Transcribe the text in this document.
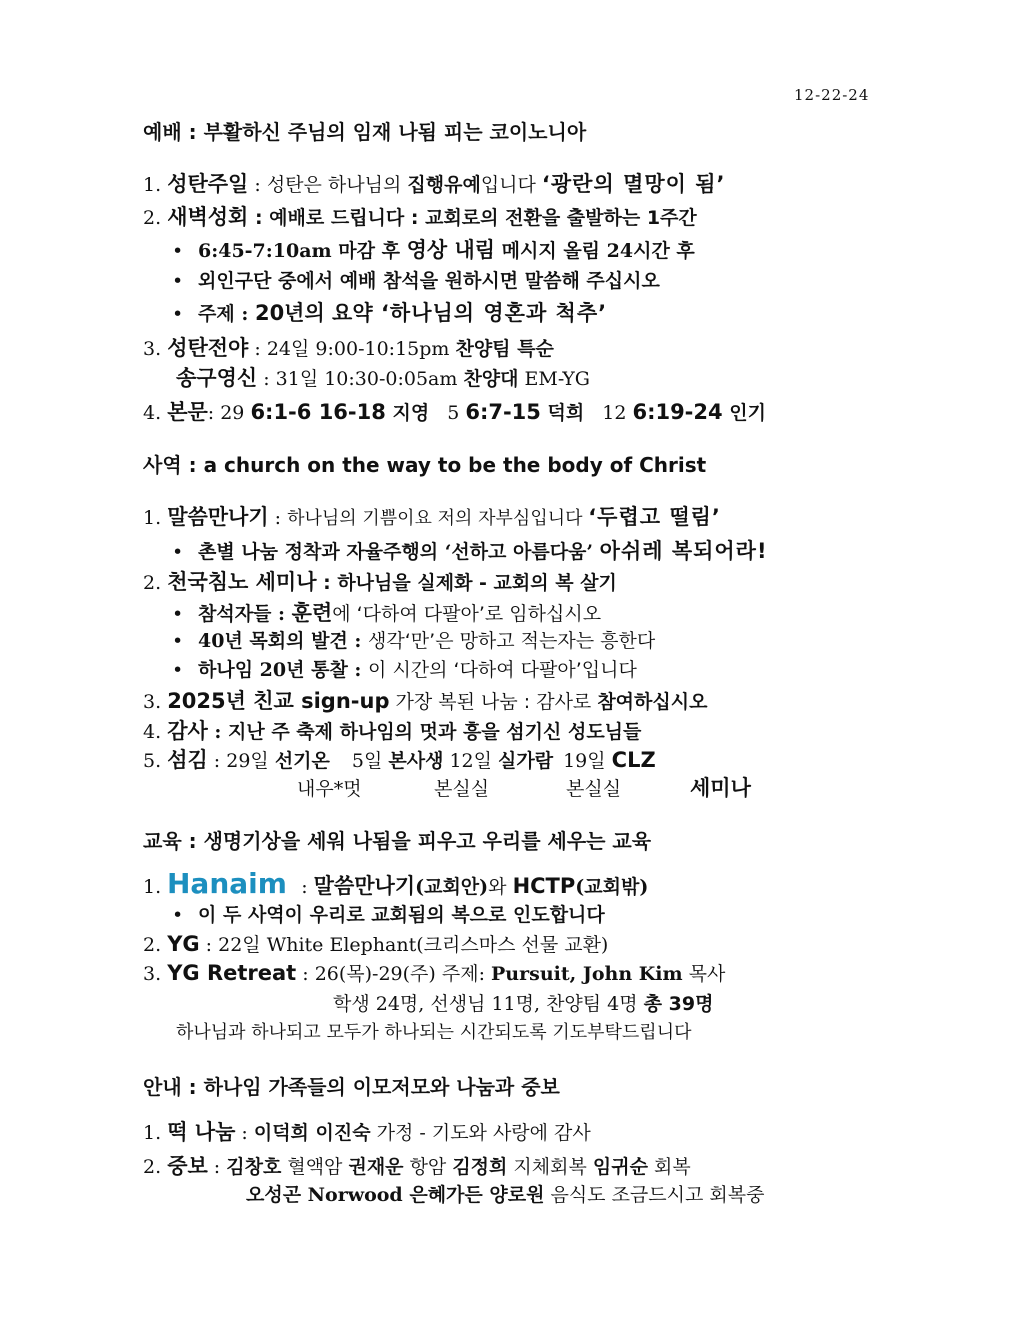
12-22-24
예배 : 부활하신 주님의 임재 나됨 피는 코이노니아
1. 성탄주일 : 성탄은 하나님의 집행유예입니다 ‘광란의 멸망이 됨’
2. 새벽성회 : 예배로 드립니다 : 교회로의 전환을 출발하는 1주간
• 6:45-7:10am 마감 후 영상 내림 메시지 올림 24시간 후
• 외인구단 중에서 예배 참석을 원하시면 말씀해 주십시오
• 주제 : 20년의 요약 ‘하나님의 영혼과 척추’
3. 성탄전야 : 24일 9:00-10:15pm 찬양팀 특순
송구영신 : 31일 10:30-0:05am 찬양대 EM-YG
4. 본문: 29 6:1-6 16-18 지영 5 6:7-15 덕희 12 6:19-24 인기
사역 : a church on the way to be the body of Christ
1. 말씀만나기 : 하나님의 기쁨이요 저의 자부심입니다 ‘두렵고 떨림’
• 촌별 나눔 정착과 자율주행의 ‘선하고 아름다움’ 아쉬레 복되어라!
2. 천국침노 세미나 : 하나님을 실제화 - 교회의 복 살기
• 참석자들 : 훈련에 ‘다하여 다팔아’로 임하십시오
• 40년 목회의 발견 : 생각‘만’은 망하고 적는자는 흥한다
• 하나임 20년 통찰 : 이 시간의 ‘다하여 다팔아’입니다
3. 2025년 친교 sign-up 가장 복된 나눔 : 감사로 참여하십시오
4. 감사 : 지난 주 축제 하나임의 멋과 흥을 섬기신 성도님들
5. 섬김 : 29일 선기온 5일 본사생 12일 실가람 19일 CLZ
내우*멋	본실실	본실실	세미나
교육 : 생명기상을 세워 나됨을 피우고 우리를 세우는 교육
1. Hanaim : 말씀만나기(교회안)와 HCTP(교회밖)
• 이 두 사역이 우리로 교회됨의 복으로 인도합니다
2. YG : 22일 White Elephant(크리스마스 선물 교환)
3. YG Retreat : 26(목)-29(주) 주제: Pursuit, John Kim 목사
학생 24명, 선생님 11명, 찬양팀 4명 총 39명
하나님과 하나되고 모두가 하나되는 시간되도록 기도부탁드립니다
안내 : 하나임 가족들의 이모저모와 나눔과 중보
1. 떡 나눔 : 이덕희 이진숙 가정 - 기도와 사랑에 감사
2. 중보 : 김창호 혈액암 권재운 항암 김정희 지체회복 임귀순 회복
오성곤 Norwood 은혜가든 양로원 음식도 조금드시고 회복중
